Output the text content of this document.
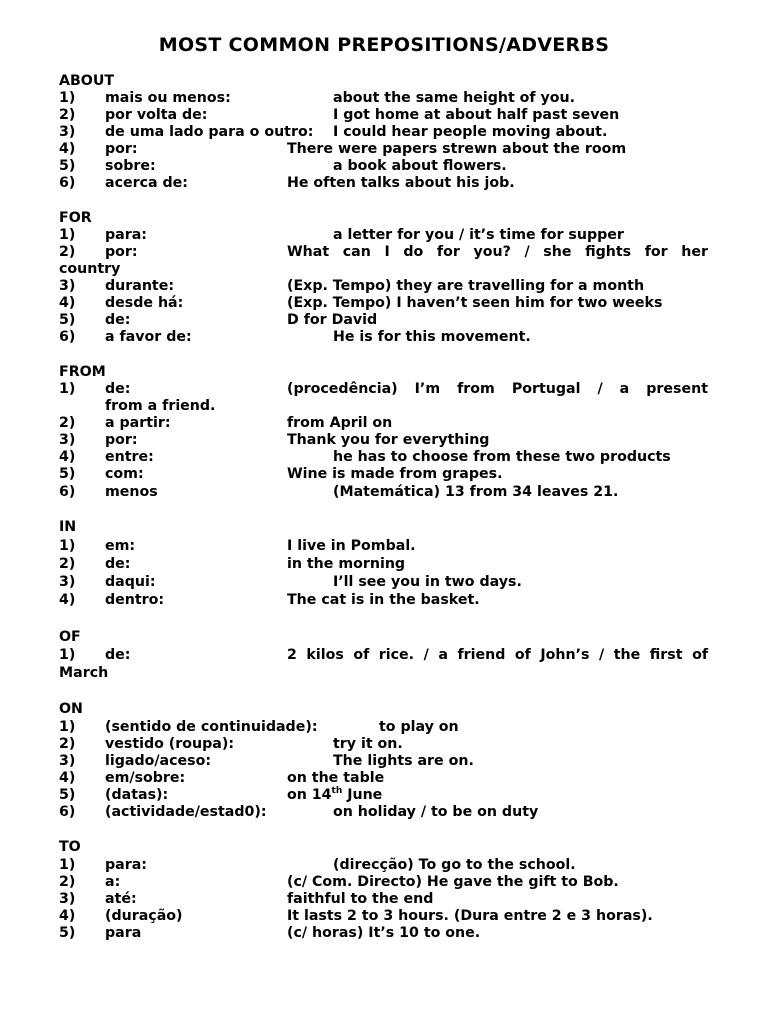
MOST COMMON PREPOSITIONS/ADVERBS
ABOUT
1) mais ou menos:	about the same height of you.
2) por volta de:	I got home at about half past seven
3) de uma lado para o outro: I could hear people moving about.
4) por:	There were papers strewn about the room
5) sobre:	a book about flowers.
6) acerca de:	He often talks about his job.
FOR
1) para:	a letter for you / it’s time for supper
2) por:	What can I do for you? / she fights for her
country
3) durante:	(Exp. Tempo) they are travelling for a month
4) desde há:	(Exp. Tempo) I haven’t seen him for two weeks
5) de:	D for David
6) a favor de:	He is for this movement.
FROM
1) de:	(procedência) I’m from Portugal / a present
from a friend.
2) a partir:	from April on
3) por:	Thank you for everything
4) entre:	he has to choose from these two products
5) com:	Wine is made from grapes.
6) menos	(Matemática) 13 from 34 leaves 21.
IN
1) em:	I live in Pombal.
2) de:	in the morning
3) daqui:	I’ll see you in two days.
4) dentro:	The cat is in the basket.
OF
1) de:	2 kilos of rice. / a friend of John’s / the first of
March
ON
1) (sentido de continuidade):	to play on
2) vestido (roupa):	try it on.
3) ligado/aceso:	The lights are on.
4) em/sobre:	on the table
5) (datas):	on 14th June
6) (actividade/estad0):	on holiday / to be on duty
TO
1) para:	(direcção) To go to the school.
2) a:	(c/ Com. Directo) He gave the gift to Bob.
3) até:	faithful to the end
4) (duração)	It lasts 2 to 3 hours. (Dura entre 2 e 3 horas).
5) para	(c/ horas) It’s 10 to one.
